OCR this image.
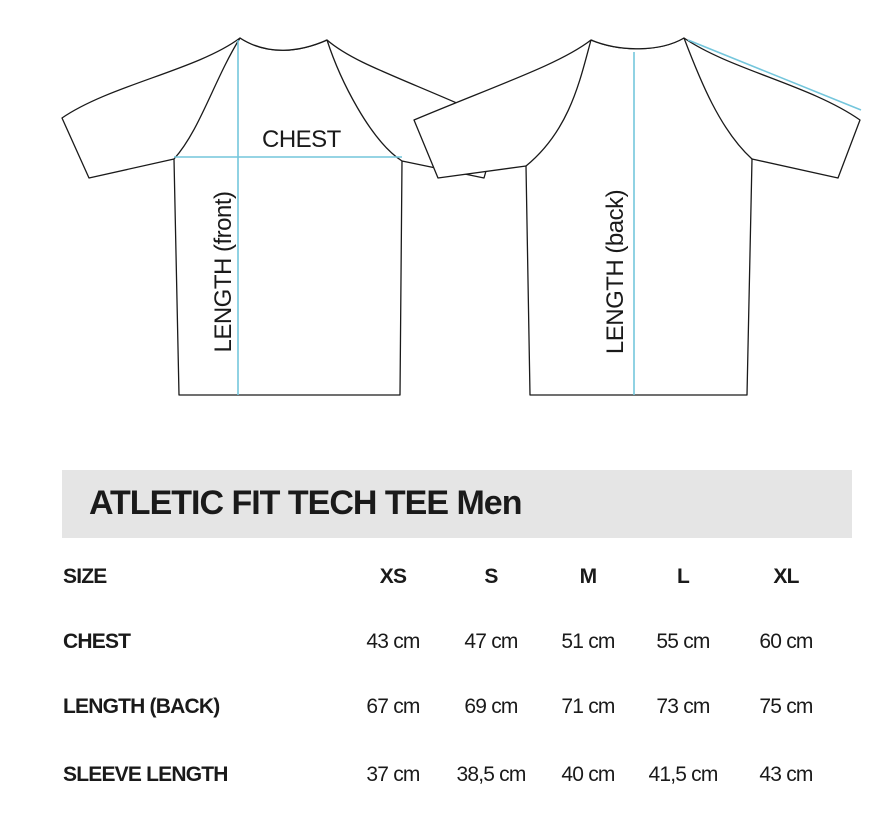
CHEST
LENGTH (front)	LENGTH (back)
ATLETIC FIT TECH TEE Men
SIZE	XS	S	M	L	XL
CHEST	43 cm	47 cm	51 cm	55 cm	60 cm
LENGTH (BACK)	67 cm	69 cm	71 cm	73 cm	75 cm
SLEEVE LENGTH	37 cm	38,5 cm	40 cm	41,5 cm	43 cm
